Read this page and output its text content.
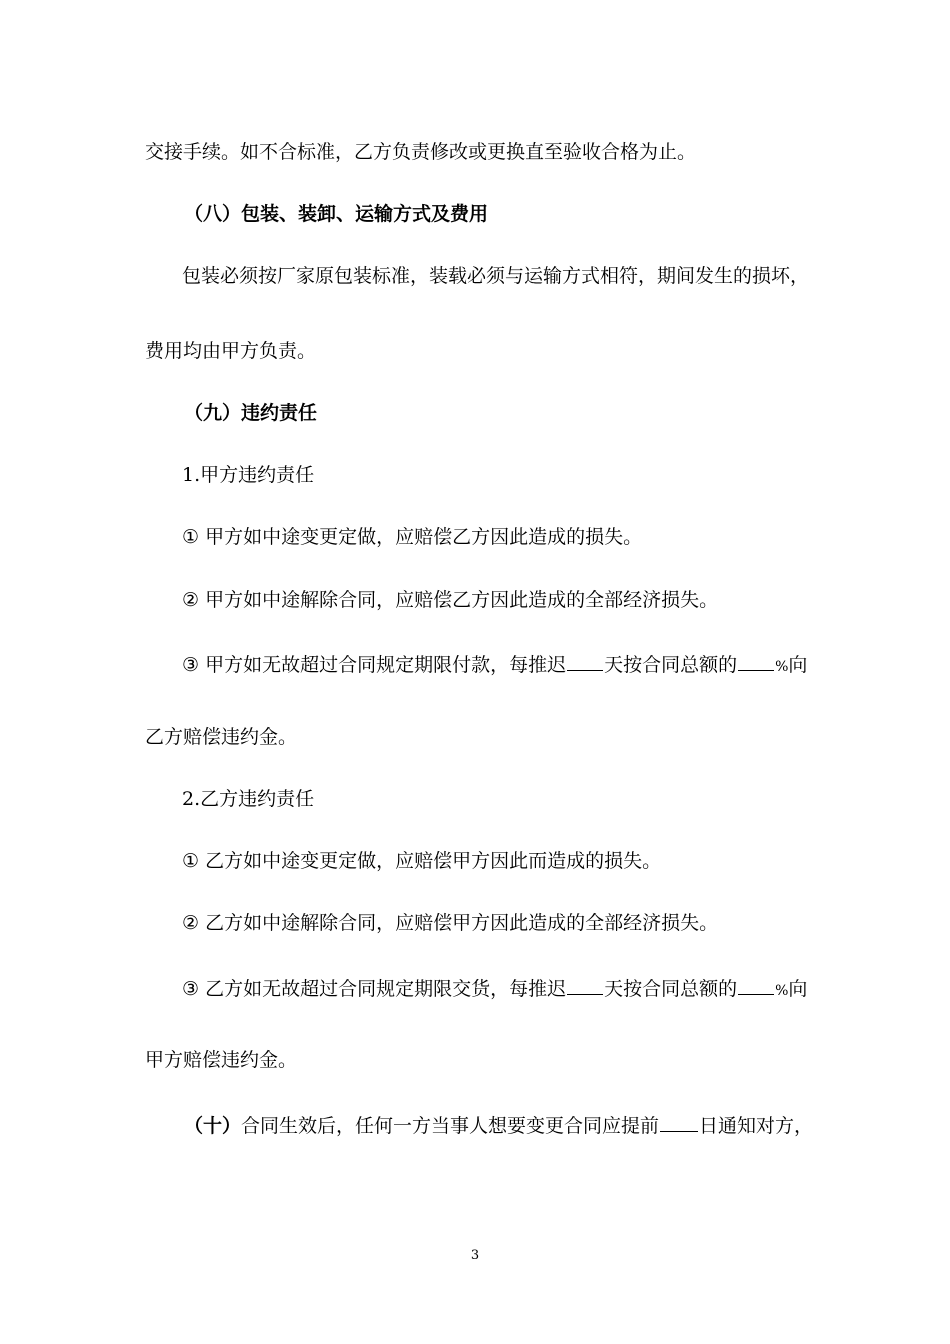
交接手续。如不合标准，乙方负责修改或更换直至验收合格为止。
（八）包装、装卸、运输方式及费用
包装必须按厂家原包装标准，装载必须与运输方式相符，期间发生的损坏，
费用均由甲方负责。
（九）违约责任
1.甲方违约责任
① 甲方如中途变更定做，应赔偿乙方因此造成的损失。
② 甲方如中途解除合同，应赔偿乙方因此造成的全部经济损失。
③ 甲方如无故超过合同规定期限付款，每推迟 天按合同总额的	%向
乙方赔偿违约金。
2.乙方违约责任
① 乙方如中途变更定做，应赔偿甲方因此而造成的损失。
② 乙方如中途解除合同，应赔偿甲方因此造成的全部经济损失。
③ 乙方如无故超过合同规定期限交货，每推迟 天按合同总额的	%向
甲方赔偿违约金。
（十）合同生效后，任何一方当事人想要变更合同应提前 日通知对方，
3
